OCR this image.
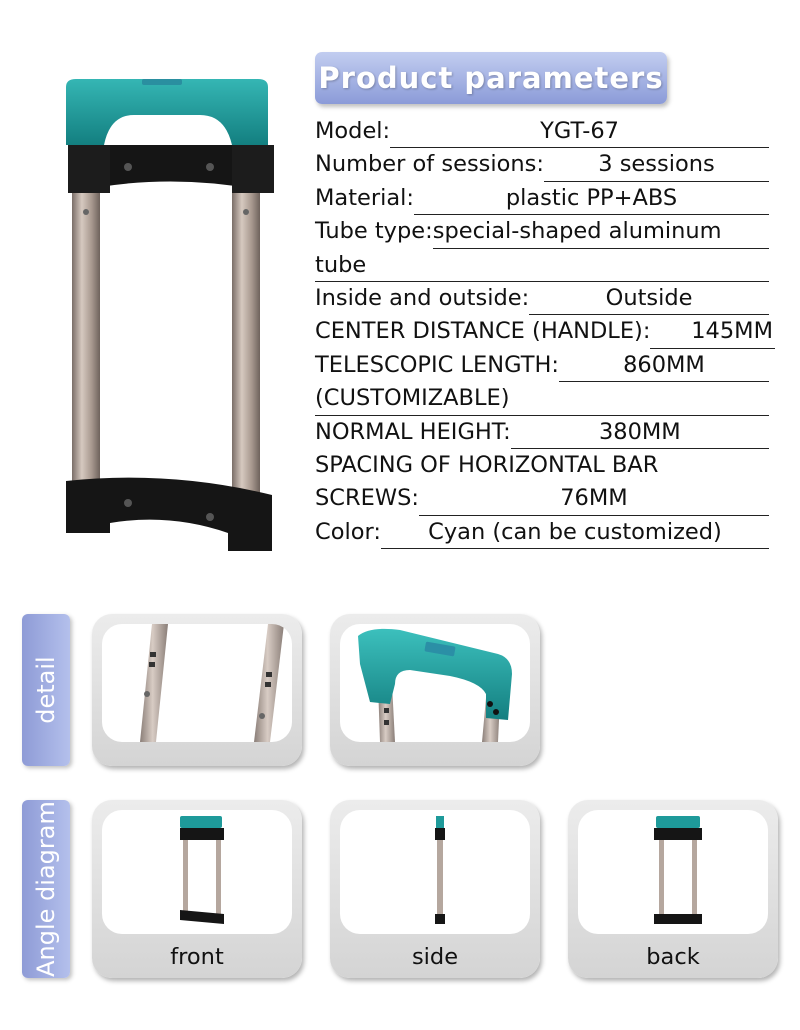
Product parameters
Model:	YGT-67
Number of sessions:	3 sessions
Material:	plastic PP+ABS
Tube type: special-shaped aluminum
tube
Inside and outside:	Outside
CENTER DISTANCE (HANDLE):	145MM
TELESCOPIC LENGTH:	860MM
(CUSTOMIZABLE)
NORMAL HEIGHT:	380MM
SPACING OF HORIZONTAL BAR
SCREWS:	76MM
Color:	Cyan (can be customized)
detail
Angle diagram	front	side	back
